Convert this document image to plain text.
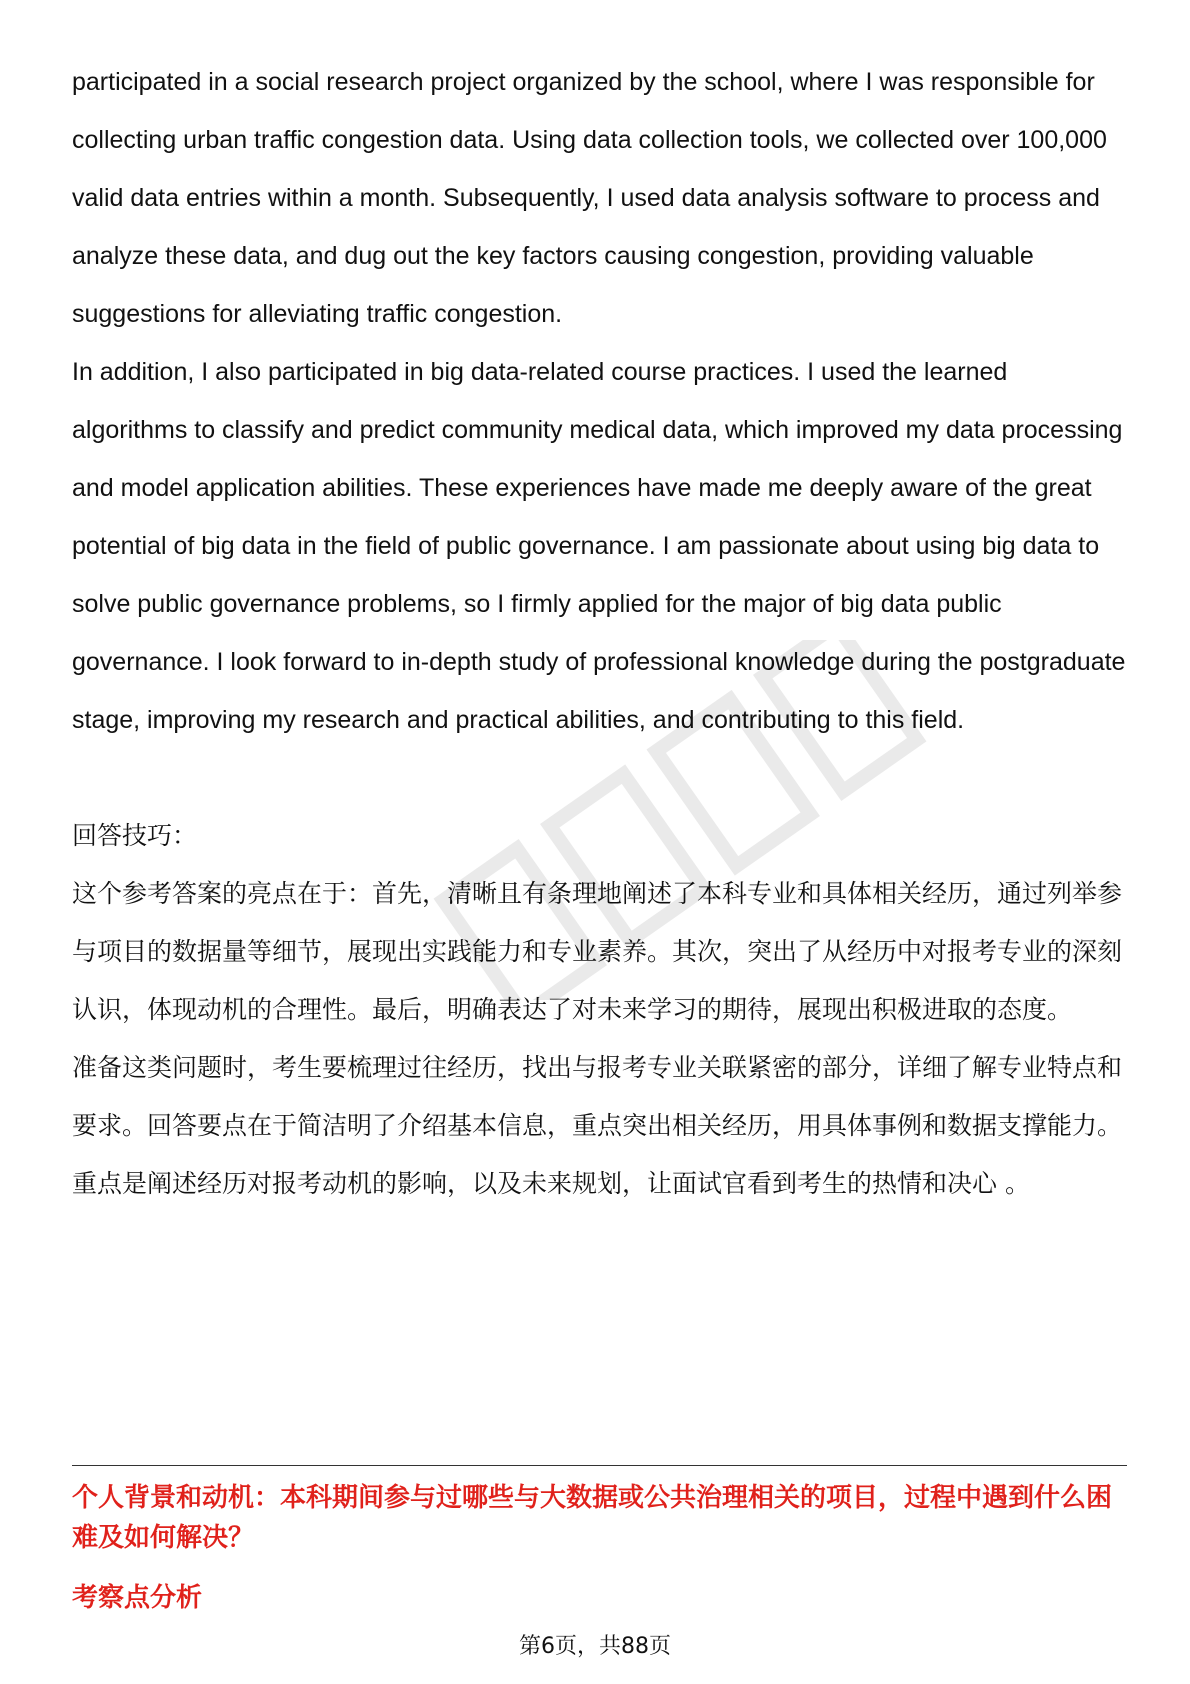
participated in a social research project organized by the school, where I was responsible for collecting urban traffic congestion data. Using data collection tools, we collected over 100,000 valid data entries within a month. Subsequently, I used data analysis software to process and analyze these data, and dug out the key factors causing congestion, providing valuable suggestions for alleviating traffic congestion.

In addition, I also participated in big data-related course practices. I used the learned algorithms to classify and predict community medical data, which improved my data processing and model application abilities. These experiences have made me deeply aware of the great potential of big data in the field of public governance. I am passionate about using big data to solve public governance problems, so I firmly applied for the major of big data public governance. I look forward to in-depth study of professional knowledge during the postgraduate stage, improving my research and practical abilities, and contributing to this field.

回答技巧：

这个参考答案的亮点在于：首先，清晰且有条理地阐述了本科专业和具体相关经历，通过列举参与项目的数据量等细节，展现出实践能力和专业素养。其次，突出了从经历中对报考专业的深刻认识，体现动机的合理性。最后，明确表达了对未来学习的期待，展现出积极进取的态度。

准备这类问题时，考生要梳理过往经历，找出与报考专业关联紧密的部分，详细了解专业特点和要求。回答要点在于简洁明了介绍基本信息，重点突出相关经历，用具体事例和数据支撑能力。重点是阐述经历对报考动机的影响，以及未来规划，让面试官看到考生的热情和决心 。

个人背景和动机：本科期间参与过哪些与大数据或公共治理相关的项目，过程中遇到什么困难及如何解决？

考察点分析

第6页，共88页
